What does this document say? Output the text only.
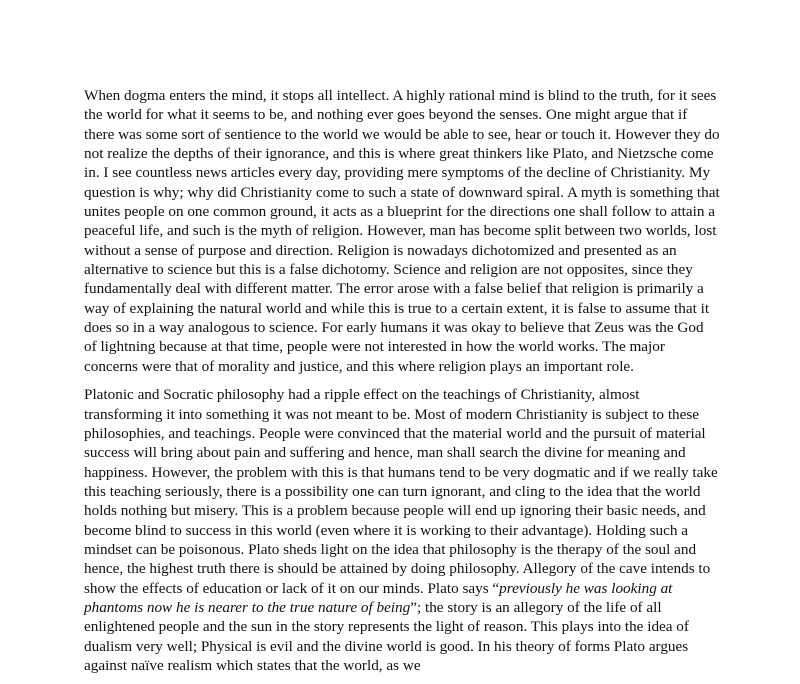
When dogma enters the mind, it stops all intellect. A highly rational mind is blind to the truth, for it sees the world for what it seems to be, and nothing ever goes beyond the senses. One might argue that if there was some sort of sentience to the world we would be able to see, hear or touch it. However they do not realize the depths of their ignorance, and this is where great thinkers like Plato, and Nietzsche come in. I see countless news articles every day, providing mere symptoms of the decline of Christianity. My question is why; why did Christianity come to such a state of downward spiral. A myth is something that unites people on one common ground, it acts as a blueprint for the directions one shall follow to attain a peaceful life, and such is the myth of religion. However, man has become split between two worlds, lost without a sense of purpose and direction. Religion is nowadays dichotomized and presented as an alternative to science but this is a false dichotomy. Science and religion are not opposites, since they fundamentally deal with different matter. The error arose with a false belief that religion is primarily a way of explaining the natural world and while this is true to a certain extent, it is false to assume that it does so in a way analogous to science. For early humans it was okay to believe that Zeus was the God of lightning because at that time, people were not interested in how the world works. The major concerns were that of morality and justice, and this where religion plays an important role.

Platonic and Socratic philosophy had a ripple effect on the teachings of Christianity, almost transforming it into something it was not meant to be. Most of modern Christianity is subject to these philosophies, and teachings. People were convinced that the material world and the pursuit of material success will bring about pain and suffering and hence, man shall search the divine for meaning and happiness. However, the problem with this is that humans tend to be very dogmatic and if we really take this teaching seriously, there is a possibility one can turn ignorant, and cling to the idea that the world holds nothing but misery. This is a problem because people will end up ignoring their basic needs, and become blind to success in this world (even where it is working to their advantage). Holding such a mindset can be poisonous. Plato sheds light on the idea that philosophy is the therapy of the soul and hence, the highest truth there is should be attained by doing philosophy. Allegory of the cave intends to show the effects of education or lack of it on our minds. Plato says “previously he was looking at phantoms now he is nearer to the true nature of being”; the story is an allegory of the life of all enlightened people and the sun in the story represents the light of reason. This plays into the idea of dualism very well; Physical is evil and the divine world is good. In his theory of forms Plato argues against naïve realism which states that the world, as we
